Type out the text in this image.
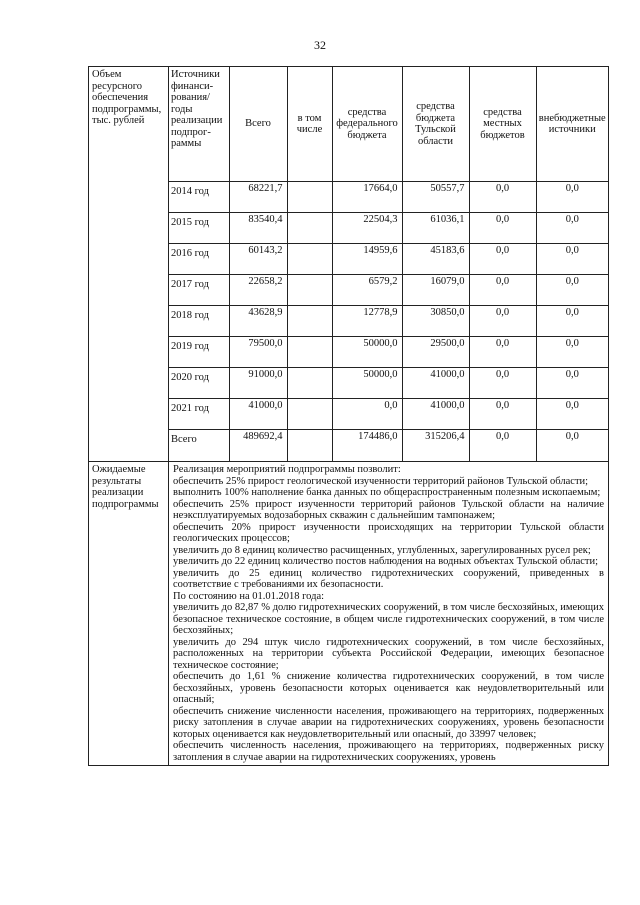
32
Объем ресурсного обеспечения подпрограммы, тыс. рублей	
Источники финансирования/ годы реализации подпрограммы	Всего	в том числе	средства федерального бюджета	средства бюджета Тульской области	средства местных бюджетов	внебюджетные источники
2014 год	68221,7		17664,0	50557,7	0,0	0,0
2015 год	83540,4		22504,3	61036,1	0,0	0,0
2016 год	60143,2		14959,6	45183,6	0,0	0,0
2017 год	22658,2		6579,2	16079,0	0,0	0,0
2018 год	43628,9		12778,9	30850,0	0,0	0,0
2019 год	79500,0		50000,0	29500,0	0,0	0,0
2020 год	91000,0		50000,0	41000,0	0,0	0,0
2021 год	41000,0		0,0	41000,0	0,0	0,0
Всего	489692,4		174486,0	315206,4	0,0	0,0

Ожидаемые результаты реализации подпрограммы	

Реализация мероприятий подпрограммы позволит:

обеспечить 25% прирост геологической изученности территорий районов Тульской области;

выполнить 100% наполнение банка данных по общераспространенным полезным ископаемым;

обеспечить 25% прирост изученности территорий районов Тульской области на наличие неэксплуатируемых водозаборных скважин с дальнейшим тампонажем;

обеспечить 20% прирост изученности происходящих на территории Тульской области геологических процессов;

увеличить до 8 единиц количество расчищенных, углубленных, зарегулированных русел рек;

увеличить до 22 единиц количество постов наблюдения на водных объектах Тульской области;

увеличить до 25 единиц количество гидротехнических сооружений, приведенных в соответствие с требованиями их безопасности.

По состоянию на 01.01.2018 года:

увеличить до 82,87 % долю гидротехнических сооружений, в том числе бесхозяйных, имеющих безопасное техническое состояние, в общем числе гидротехнических сооружений, в том числе бесхозяйных;

увеличить до 294 штук число гидротехнических сооружений, в том числе бесхозяйных, расположенных на территории субъекта Российской Федерации, имеющих безопасное техническое состояние;

обеспечить до 1,61 % снижение количества гидротехнических сооружений, в том числе бесхозяйных, уровень безопасности которых оценивается как неудовлетворительный или опасный;

обеспечить снижение численности населения, проживающего на территориях, подверженных риску затопления в случае аварии на гидротехнических сооружениях, уровень безопасности которых оценивается как неудовлетворительный или опасный, до 33997 человек;

обеспечить численность населения, проживающего на территориях, подверженных риску затопления в случае аварии на гидротехнических сооружениях, уровень
